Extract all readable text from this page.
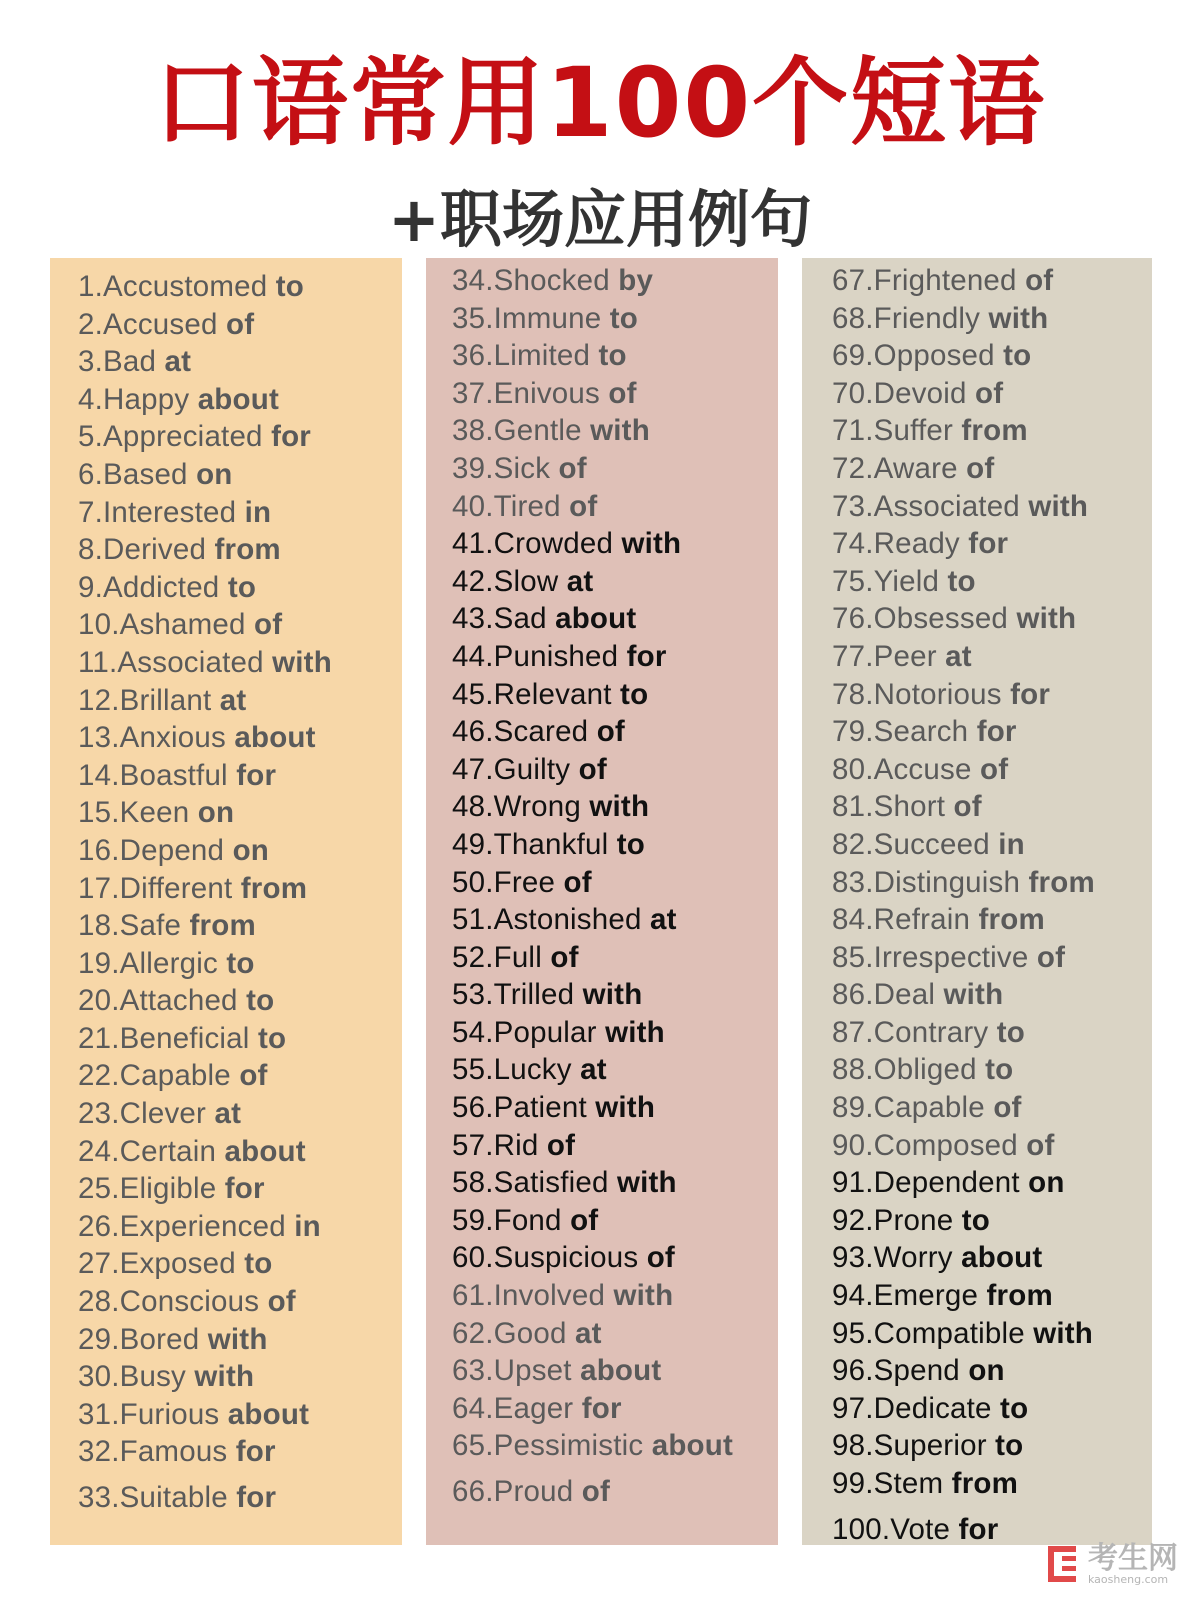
口语常用100个短语
+职场应用例句
1.Accustomed to
2.Accused of
3.Bad at
4.Happy about
5.Appreciated for
6.Based on
7.Interested in
8.Derived from
9.Addicted to
10.Ashamed of
11.Associated with
12.Brillant at
13.Anxious about
14.Boastful for
15.Keen on
16.Depend on
17.Different from
18.Safe from
19.Allergic to
20.Attached to
21.Beneficial to
22.Capable of
23.Clever at
24.Certain about
25.Eligible for
26.Experienced in
27.Exposed to
28.Conscious of
29.Bored with
30.Busy with
31.Furious about
32.Famous for
33.Suitable for
34.Shocked by
35.Immune to
36.Limited to
37.Enivous of
38.Gentle with
39.Sick of
40.Tired of
41.Crowded with
42.Slow at
43.Sad about
44.Punished for
45.Relevant to
46.Scared of
47.Guilty of
48.Wrong with
49.Thankful to
50.Free of
51.Astonished at
52.Full of
53.Trilled with
54.Popular with
55.Lucky at
56.Patient with
57.Rid of
58.Satisfied with
59.Fond of
60.Suspicious of
61.Involved with
62.Good at
63.Upset about
64.Eager for
65.Pessimistic about
66.Proud of
67.Frightened of
68.Friendly with
69.Opposed to
70.Devoid of
71.Suffer from
72.Aware of
73.Associated with
74.Ready for
75.Yield to
76.Obsessed with
77.Peer at
78.Notorious for
79.Search for
80.Accuse of
81.Short of
82.Succeed in
83.Distinguish from
84.Refrain from
85.Irrespective of
86.Deal with
87.Contrary to
88.Obliged to
89.Capable of
90.Composed of
91.Dependent on
92.Prone to
93.Worry about
94.Emerge from
95.Compatible with
96.Spend on
97.Dedicate to
98.Superior to
99.Stem from
100.Vote for
考生网
kaosheng.com
